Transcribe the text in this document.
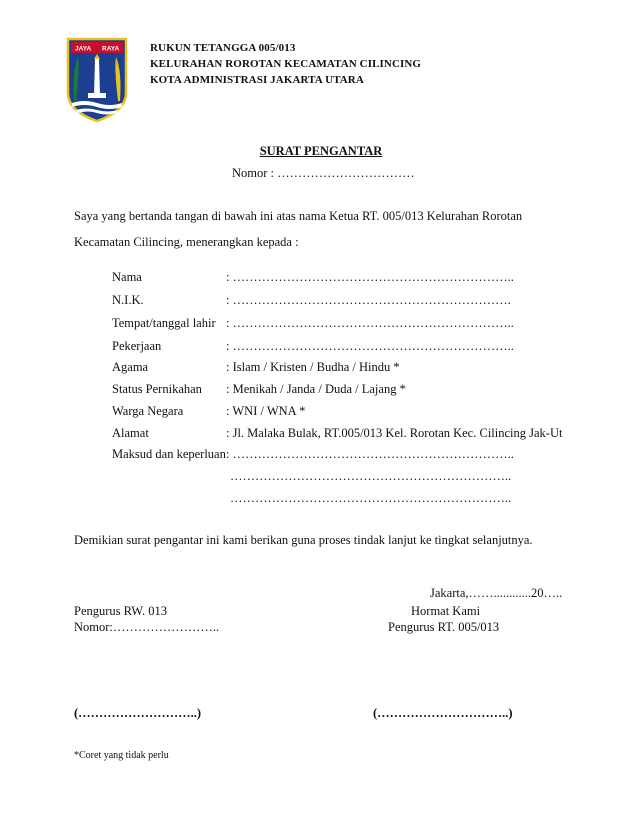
JAYA RAYA	RUKUN TETANGGA 005/013
KELURAHAN ROROTAN KECAMATAN CILINCING
KOTA ADMINISTRASI JAKARTA UTARA
SURAT PENGANTAR
Nomor : ……………………………
Saya yang bertanda tangan di bawah ini atas nama Ketua RT. 005/013 Kelurahan Rorotan
Kecamatan Cilincing, menerangkan kepada :
Nama	: …………………………………………………………..
N.I.K.	: ………………………………………………………….
Tempat/tanggal lahir : …………………………………………………………..
Pekerjaan	: …………………………………………………………..
Agama	: Islam / Kristen / Budha / Hindu *
Status Pernikahan : Menikah / Janda / Duda / Lajang *
Warga Negara	: WNI / WNA *
Alamat	: Jl. Malaka Bulak, RT.005/013 Kel. Rorotan Kec. Cilincing Jak-Ut
Maksud dan keperluan : …………………………………………………………..
…………………………………………………………..
…………………………………………………………..
Demikian surat pengantar ini kami berikan guna proses tindak lanjut ke tingkat selanjutnya.
Jakarta,……............20…..
Pengurus RW. 013
Nomor:……………………..
Hormat Kami
Pengurus RT. 005/013
(………………………..)	(…………………………..)
*Coret yang tidak perlu
